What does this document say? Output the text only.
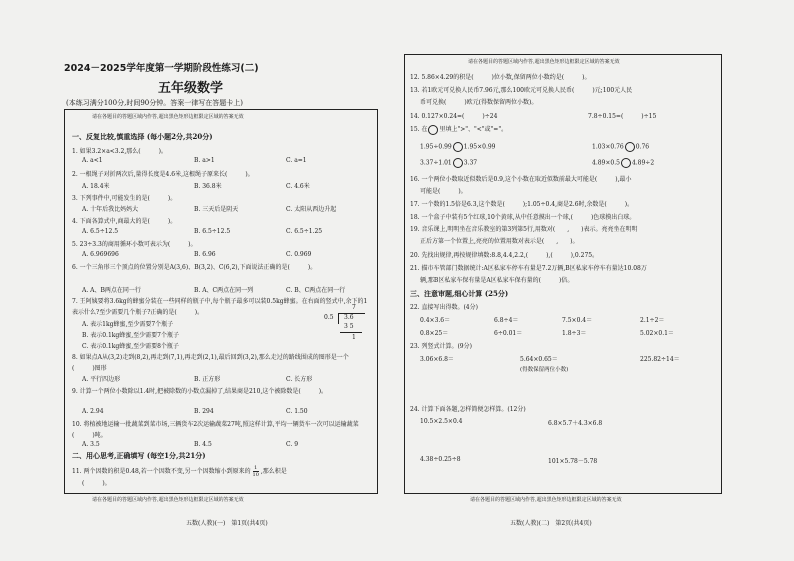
2024－2025学年度第一学期阶段性练习(二)
五年级数学
(本练习满分100分,时间90分钟。答案一律写在答题卡上)
请在各题目的答题区域内作答,超出黑色矩形边框限定区域的答案无效
一、反复比较,慎重选择 (每小题2分,共20分)
1. 如果3.2×a<3.2,那么(　　　)。
A. a<1	B. a>1	C. a=1
2. 一根绳子对折两次后,量得长度是4.6米,这根绳子原来长(　　　)。
A. 18.4米	B. 36.8米	C. 4.6米
3. 下列事件中,可能发生的是(　　　)。
A. 十年后我比妈妈大	B. 三天后是阴天	C. 太阳从西边升起
4. 下面各算式中,商最大的是(　　　)。
A. 6.5÷12.5	B. 6.5÷12.5	C. 6.5÷1.25
5. 23÷3.3的商用循环小数可表示为(　　　)。
A. 6.969696	B. 6.96	C. 0.969
6. 一个三角形三个顶点的位置分别是A(3,6)、B(3,2)、C(6,2),下面说法正确的是(　　　)。
A. A、B两点在同一行	B. A、C两点在同一列	C. B、C两点在同一行
7. 王阿姨要将3.6kg的蜂蜜分装在一些同样的瓶子中,每个瓶子最多可以装0.5kg蜂蜜。在右面的竖式中,余下的1表示什么?至少需要几个瓶子?正确的是(　　　)。
A. 表示1kg蜂蜜,至少需要7个瓶子
B. 表示0.1kg蜂蜜,至少需要7个瓶子
C. 表示0.1kg蜂蜜,至少需要8个瓶子
7
0.5 3.6
3 5
1
8. 如果点A从(3,2)走到(8,2),再走到(7,1),再走到(2,1),最后回到(3,2),那么走过的路线围成的图形是一个(　　　)图形
A. 平行四边形	B. 正方形	C. 长方形
9. 计算一个两位小数除以1.4时,把被除数的小数点漏掉了,结果商是210,这个被除数是(　　　)。
A. 2.94	B. 294	C. 1.50
10. 将植被地运输一批蔬菜到菜市场,三辆货车2次运输蔬菜27吨,照这样计算,平均一辆货车一次可以运输蔬菜(　　　)吨。
A. 3.5	B. 4.5	C. 9
二、用心思考,正确填写 (每空1分,共21分)
11. 两个因数的积是0.48,若一个因数不变,另一个因数缩小到原来的 $\frac{1}{10}$ ,那么积是
(　　　)。
请在各题目的答题区域内作答,超出黑色矩形边框限定区域的答案无效
五数(人教)(一)　第1页(共4页)
请在各题目的答题区域内作答,超出黑色矩形边框限定区域的答案无效
12. 5.86×4.29的积是(　　　)位小数,保留两位小数约是(　　　)。
13. 若1欧元可兑换人民币7.96元,那么100欧元可兑换人民币(　　　)元;100元人民
币可兑换(　　　)欧元(得数保留两位小数)。
14. 0.127×0.24=(　　　)÷24	7.8÷0.15=(　　　)÷15
15. 在 里填上">"、"<"或"="。
1.95÷0.99 1.95×0.99	1.03×0.76 0.76
3.37÷1.01 3.37	4.89×0.5 4.89÷2
16. 一个两位小数取近似数后是0.9,这个小数在取近似数前最大可能是(　　　),最小
可能是(　　　)。
17. 一个数的1.5倍是6.3,这个数是(　　　);1.05÷0.4,商是2.6时,余数是(　　　)。
18. 一个盒子中装有5个红球,10个黄球,从中任意摸出一个球,(　　　)色球摸出白球。
19. 音乐课上,明明坐在音乐教室的第3列第5行,用数对(　　,　　)表示。亮亮坐在明明
正后方第一个位置上,亮亮的位置用数对表示是(　　,　　)。
20. 先找出规律,再按规律填数:8.8,4.4,2.2,(　　　),(　　　),0.275。
21. 描市车管部门数据统计:A区私家车停车有量是7.2万辆,B区私家车停车有量达10.08万
辆,那B区私家车保有量是A区私家车保有量的(　　　)倍。
三、注意审题,细心计算 (25分)
22. 直接写出得数。(4分)
0.4×3.6＝	6.8÷4＝	7.5×0.4＝	2.1÷2＝
0.8×25＝	6÷0.01＝	1.8÷3＝	5.02×0.1＝
23. 列竖式计算。(9分)
3.06×6.8＝	5.64×0.65＝	225.82÷14＝
(得数保留两位小数)
24. 计算下面各题,怎样简便怎样算。(12分)
10.5×2.5×0.4	6.8×5.7＋4.3×6.8
4.38÷0.25÷8	101×5.78－5.78
请在各题目的答题区域内作答,超出黑色矩形边框限定区域的答案无效
五数(人教)(二)　第2页(共4页)
